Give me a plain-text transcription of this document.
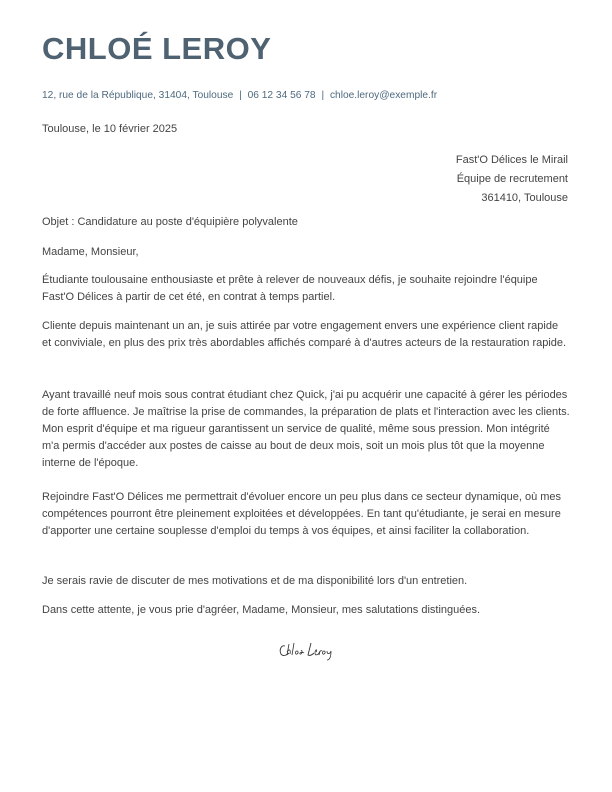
CHLOÉ LEROY
12, rue de la République, 31404, Toulouse | 06 12 34 56 78 | chloe.leroy@exemple.fr
Toulouse, le 10 février 2025
Fast'O Délices le Mirail
Équipe de recrutement
361410, Toulouse

Objet : Candidature au poste d'équipière polyvalente

Madame, Monsieur,

Étudiante toulousaine enthousiaste et prête à relever de nouveaux défis, je souhaite rejoindre l'équipe Fast'O Délices à partir de cet été, en contrat à temps partiel.

Cliente depuis maintenant un an, je suis attirée par votre engagement envers une expérience client rapide et conviviale, en plus des prix très abordables affichés comparé à d'autres acteurs de la restauration rapide.

Ayant travaillé neuf mois sous contrat étudiant chez Quick, j'ai pu acquérir une capacité à gérer les périodes de forte affluence. Je maîtrise la prise de commandes, la préparation de plats et l'interaction avec les clients. Mon esprit d'équipe et ma rigueur garantissent un service de qualité, même sous pression. Mon intégrité m'a permis d'accéder aux postes de caisse au bout de deux mois, soit un mois plus tôt que la moyenne interne de l'époque.

Rejoindre Fast'O Délices me permettrait d'évoluer encore un peu plus dans ce secteur dynamique, où mes compétences pourront être pleinement exploitées et développées. En tant qu'étudiante, je serai en mesure d'apporter une certaine souplesse d'emploi du temps à vos équipes, et ainsi faciliter la collaboration.

Je serais ravie de discuter de mes motivations et de ma disponibilité lors d'un entretien.

Dans cette attente, je vous prie d'agréer, Madame, Monsieur, mes salutations distinguées.
